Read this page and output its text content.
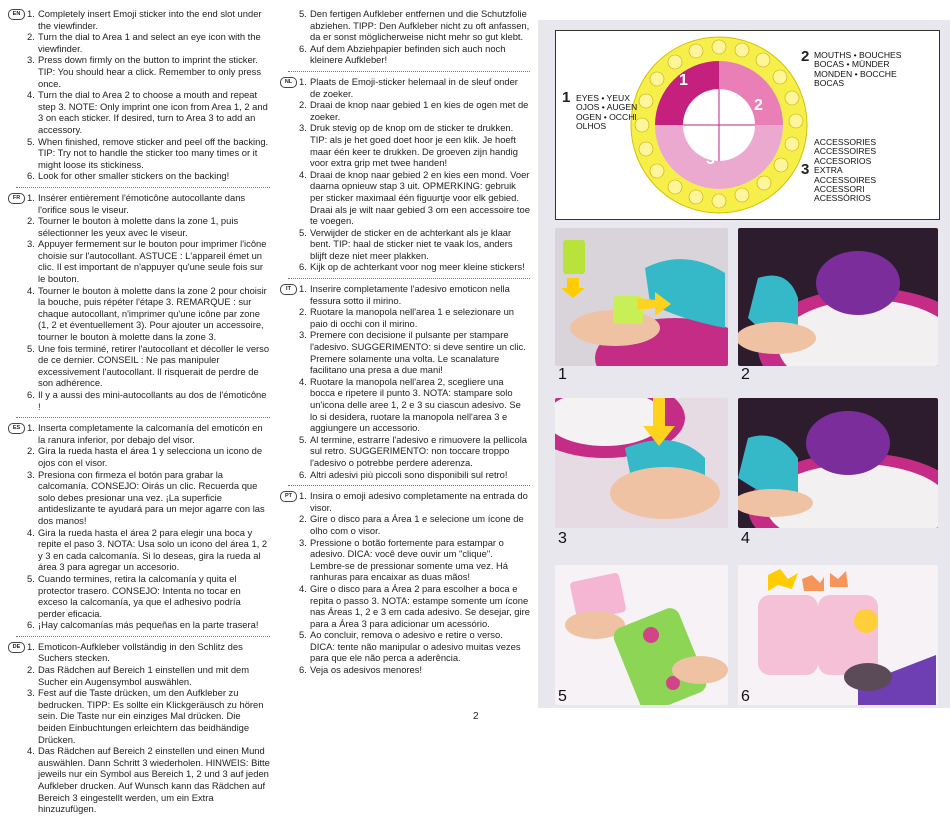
EN	Completely insert Emoji sticker into the end slot under the viewfinder.
Turn the dial to Area 1 and select an eye icon with the viewfinder.
Press down firmly on the button to imprint the sticker. TIP: You should hear a click. Remember to only press once.
Turn the dial to Area 2 to choose a mouth and repeat step 3. NOTE: Only imprint one icon from Area 1, 2 and 3 on each sticker. If desired, turn to Area 3 to add an accessory.
When finished, remove sticker and peel off the backing. TIP: Try not to handle the sticker too many times or it might loose its stickiness.
Look for other smaller stickers on the backing!
FR	Insérer entièrement l'émoticône autocollante dans l'orifice sous le viseur.
Tourner le bouton à molette dans la zone 1, puis sélectionner les yeux avec le viseur.
Appuyer fermement sur le bouton pour imprimer l'icône choisie sur l'autocollant. ASTUCE : L'appareil émet un clic. Il est important de n'appuyer qu'une seule fois sur le bouton.
Tourner le bouton à molette dans la zone 2 pour choisir la bouche, puis répéter l'étape 3. REMARQUE : sur chaque autocollant, n'imprimer qu'une icône par zone (1, 2 et éventuellement 3). Pour ajouter un accessoire, tourner le bouton à molette dans la zone 3.
Une fois terminé, retirer l'autocollant et décoller le verso de ce dernier. CONSEIL : Ne pas manipuler excessivement l'autocollant. Il risquerait de perdre de son adhérence.
Il y a aussi des mini-autocollants au dos de l'émoticône !
ES	Inserta completamente la calcomanía del emoticón en la ranura inferior, por debajo del visor.
Gira la rueda hasta el área 1 y selecciona un icono de ojos con el visor.
Presiona con firmeza el botón para grabar la calcomanía. CONSEJO: Oirás un clic. Recuerda que solo debes presionar una vez. ¡La superficie antideslizante te ayudará para un mejor agarre con las dos manos!
Gira la rueda hasta el área 2 para elegir una boca y repite el paso 3. NOTA: Usa solo un icono del área 1, 2 y 3 en cada calcomanía. Si lo deseas, gira la rueda al área 3 para agregar un accesorio.
Cuando termines, retira la calcomanía y quita el protector trasero. CONSEJO: Intenta no tocar en exceso la calcomanía, ya que el adhesivo podría perder eficacia.
¡Hay calcomanías más pequeñas en la parte trasera!
DE	Emoticon-Aufkleber vollständig in den Schlitz des Suchers stecken.
Das Rädchen auf Bereich 1 einstellen und mit dem Sucher ein Augensymbol auswählen.
Fest auf die Taste drücken, um den Aufkleber zu bedrucken. TIPP: Es sollte ein Klickgeräusch zu hören sein. Die Taste nur ein einziges Mal drücken. Die beiden Einbuchtungen erleichtern das beidhändige Drücken.
Das Rädchen auf Bereich 2 einstellen und einen Mund auswählen. Dann Schritt 3 wiederholen. HINWEIS: Bitte jeweils nur ein Symbol aus Bereich 1, 2 und 3 auf jeden Aufkleber drucken. Auf Wunsch kann das Rädchen auf Bereich 3 eingestellt werden, um ein Extra hinzuzufügen.
5. Den fertigen Aufkleber entfernen und die Schutzfolie abziehen. TIPP: Den Aufkleber nicht zu oft anfassen, da er sonst möglicherweise nicht mehr so gut klebt.
6. Auf dem Abziehpapier befinden sich auch noch kleinere Aufkleber!
NL	Plaats de Emoji-sticker helemaal in de sleuf onder de zoeker.
Draai de knop naar gebied 1 en kies de ogen met de zoeker.
Druk stevig op de knop om de sticker te drukken. TIP: als je het goed doet hoor je een klik. Je hoeft maar één keer te drukken. De groeven zijn handig voor extra grip met twee handen!
Draai de knop naar gebied 2 en kies een mond. Voer daarna opnieuw stap 3 uit. OPMERKING: gebruik per sticker maximaal één figuurtje voor elk gebied. Draai als je wilt naar gebied 3 om een accessoire toe te voegen.
Verwijder de sticker en de achterkant als je klaar bent. TIP: haal de sticker niet te vaak los, anders blijft deze niet meer plakken.
Kijk op de achterkant voor nog meer kleine stickers!
IT	Inserire completamente l'adesivo emoticon nella fessura sotto il mirino.
Ruotare la manopola nell'area 1 e selezionare un paio di occhi con il mirino.
Premere con decisione il pulsante per stampare l'adesivo. SUGGERIMENTO: si deve sentire un clic. Premere solamente una volta. Le scanalature facilitano una presa a due mani!
Ruotare la manopola nell'area 2, scegliere una bocca e ripetere il punto 3. NOTA: stampare solo un'icona delle aree 1, 2 e 3 su ciascun adesivo. Se lo si desidera, ruotare la manopola nell'area 3 e aggiungere un accessorio.
Al termine, estrarre l'adesivo e rimuovere la pellicola sul retro. SUGGERIMENTO: non toccare troppo l'adesivo o potrebbe perdere aderenza.
Altri adesivi più piccoli sono disponibili sul retro!
PT	Insira o emoji adesivo completamente na entrada do visor.
Gire o disco para a Área 1 e selecione um ícone de olho com o visor.
Pressione o botão fortemente para estampar o adesivo. DICA: você deve ouvir um "clique". Lembre-se de pressionar somente uma vez. Há ranhuras para encaixar as duas mãos!
Gire o disco para a Área 2 para escolher a boca e repita o passo 3. NOTA: estampe somente um ícone nas Áreas 1, 2 e 3 em cada adesivo. Se desejar, gire para a Área 3 para adicionar um acessório.
Ao concluir, remova o adesivo e retire o verso. DICA: tente não manipular o adesivo muitas vezes para que ele não perca a aderência.
Veja os adesivos menores!
1
2
3
1 EYES • YEUX
OJOS • AUGEN
OGEN • OCCHI
OLHOS
2 MOUTHS • BOUCHES
BOCAS • MÜNDER
MONDEN • BOCCHE
BOCAS
3
ACCESSORIES
ACCESSOIRES
ACCESORIOS
EXTRA
ACCESSOIRES
ACCESSORI
ACESSÓRIOS
1	2
3	4
5	6
2
